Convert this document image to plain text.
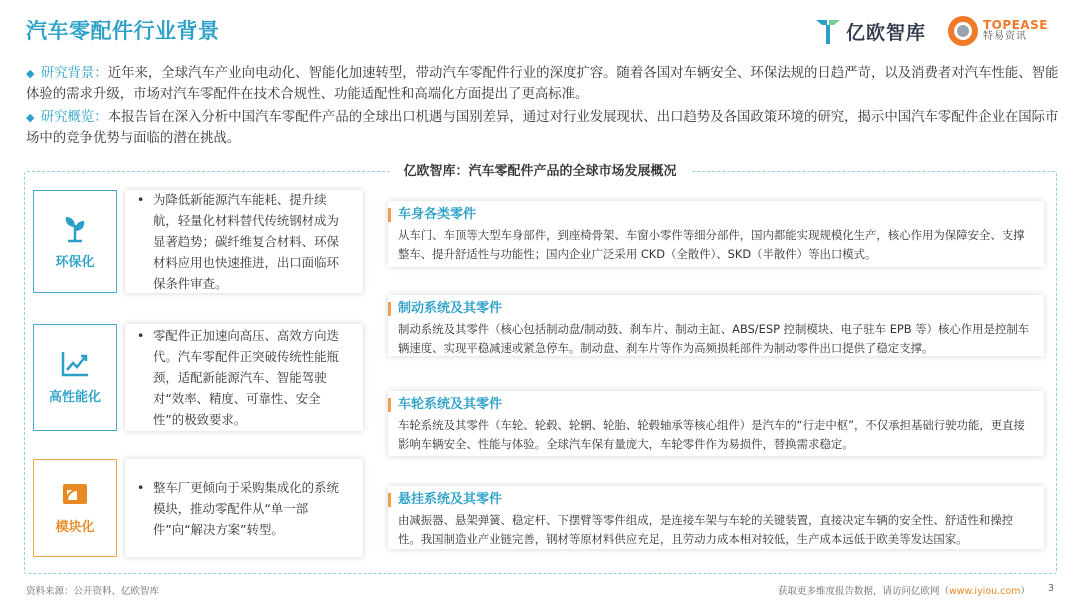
汽车零配件行业背景	亿欧智库	TOPEASE
特易资讯

◆ 研究背景：近年来，全球汽车产业向电动化、智能化加速转型，带动汽车零配件行业的深度扩容。随着各国对车辆安全、环保法规的日趋严苛，以及消费者对汽车性能、智能体验的需求升级，市场对汽车零配件在技术合规性、功能适配性和高端化方面提出了更高标准。

◆ 研究概览：本报告旨在深入分析中国汽车零配件产品的全球出口机遇与国别差异，通过对行业发展现状、出口趋势及各国政策环境的研究，揭示中国汽车零配件企业在国际市场中的竞争优势与面临的潜在挑战。

亿欧智库：汽车零配件产品的全球市场发展概况
环保化
• 为降低新能源汽车能耗、提升续航，轻量化材料替代传统钢材成为显著趋势；碳纤维复合材料、环保材料应用也快速推进，出口面临环保条件审查。
高性能化
• 零配件正加速向高压、高效方向迭代。汽车零配件正突破传统性能瓶颈，适配新能源汽车、智能驾驶对“效率、精度、可靠性、安全性”的极致要求。
模块化
• 整车厂更倾向于采购集成化的系统模块，推动零配件从“单一部件”向“解决方案”转型。
车身各类零件
从车门、车顶等大型车身部件，到座椅骨架、车窗小零件等细分部件，国内都能实现规模化生产，核心作用为保障安全、支撑整车、提升舒适性与功能性；国内企业广泛采用 CKD（全散件）、SKD（半散件）等出口模式。
制动系统及其零件
制动系统及其零件（核心包括制动盘/制动鼓、刹车片、制动主缸、ABS/ESP 控制模块、电子驻车 EPB 等）核心作用是控制车辆速度、实现平稳减速或紧急停车。制动盘、刹车片等作为高频损耗部件为制动零件出口提供了稳定支撑。
车轮系统及其零件
车轮系统及其零件（车轮、轮毂、轮辋、轮胎、轮毂轴承等核心组件）是汽车的“行走中枢”，不仅承担基础行驶功能，更直接影响车辆安全、性能与体验。全球汽车保有量庞大，车轮零件作为易损件，替换需求稳定。
悬挂系统及其零件
由减振器、悬架弹簧、稳定杆、下摆臂等零件组成，是连接车架与车轮的关键装置，直接决定车辆的安全性、舒适性和操控性。我国制造业产业链完善，钢材等原材料供应充足，且劳动力成本相对较低，生产成本远低于欧美等发达国家。
资料来源：公开资料、亿欧智库	获取更多维度报告数据，请访问亿欧网（www.iyiou.com） 3
